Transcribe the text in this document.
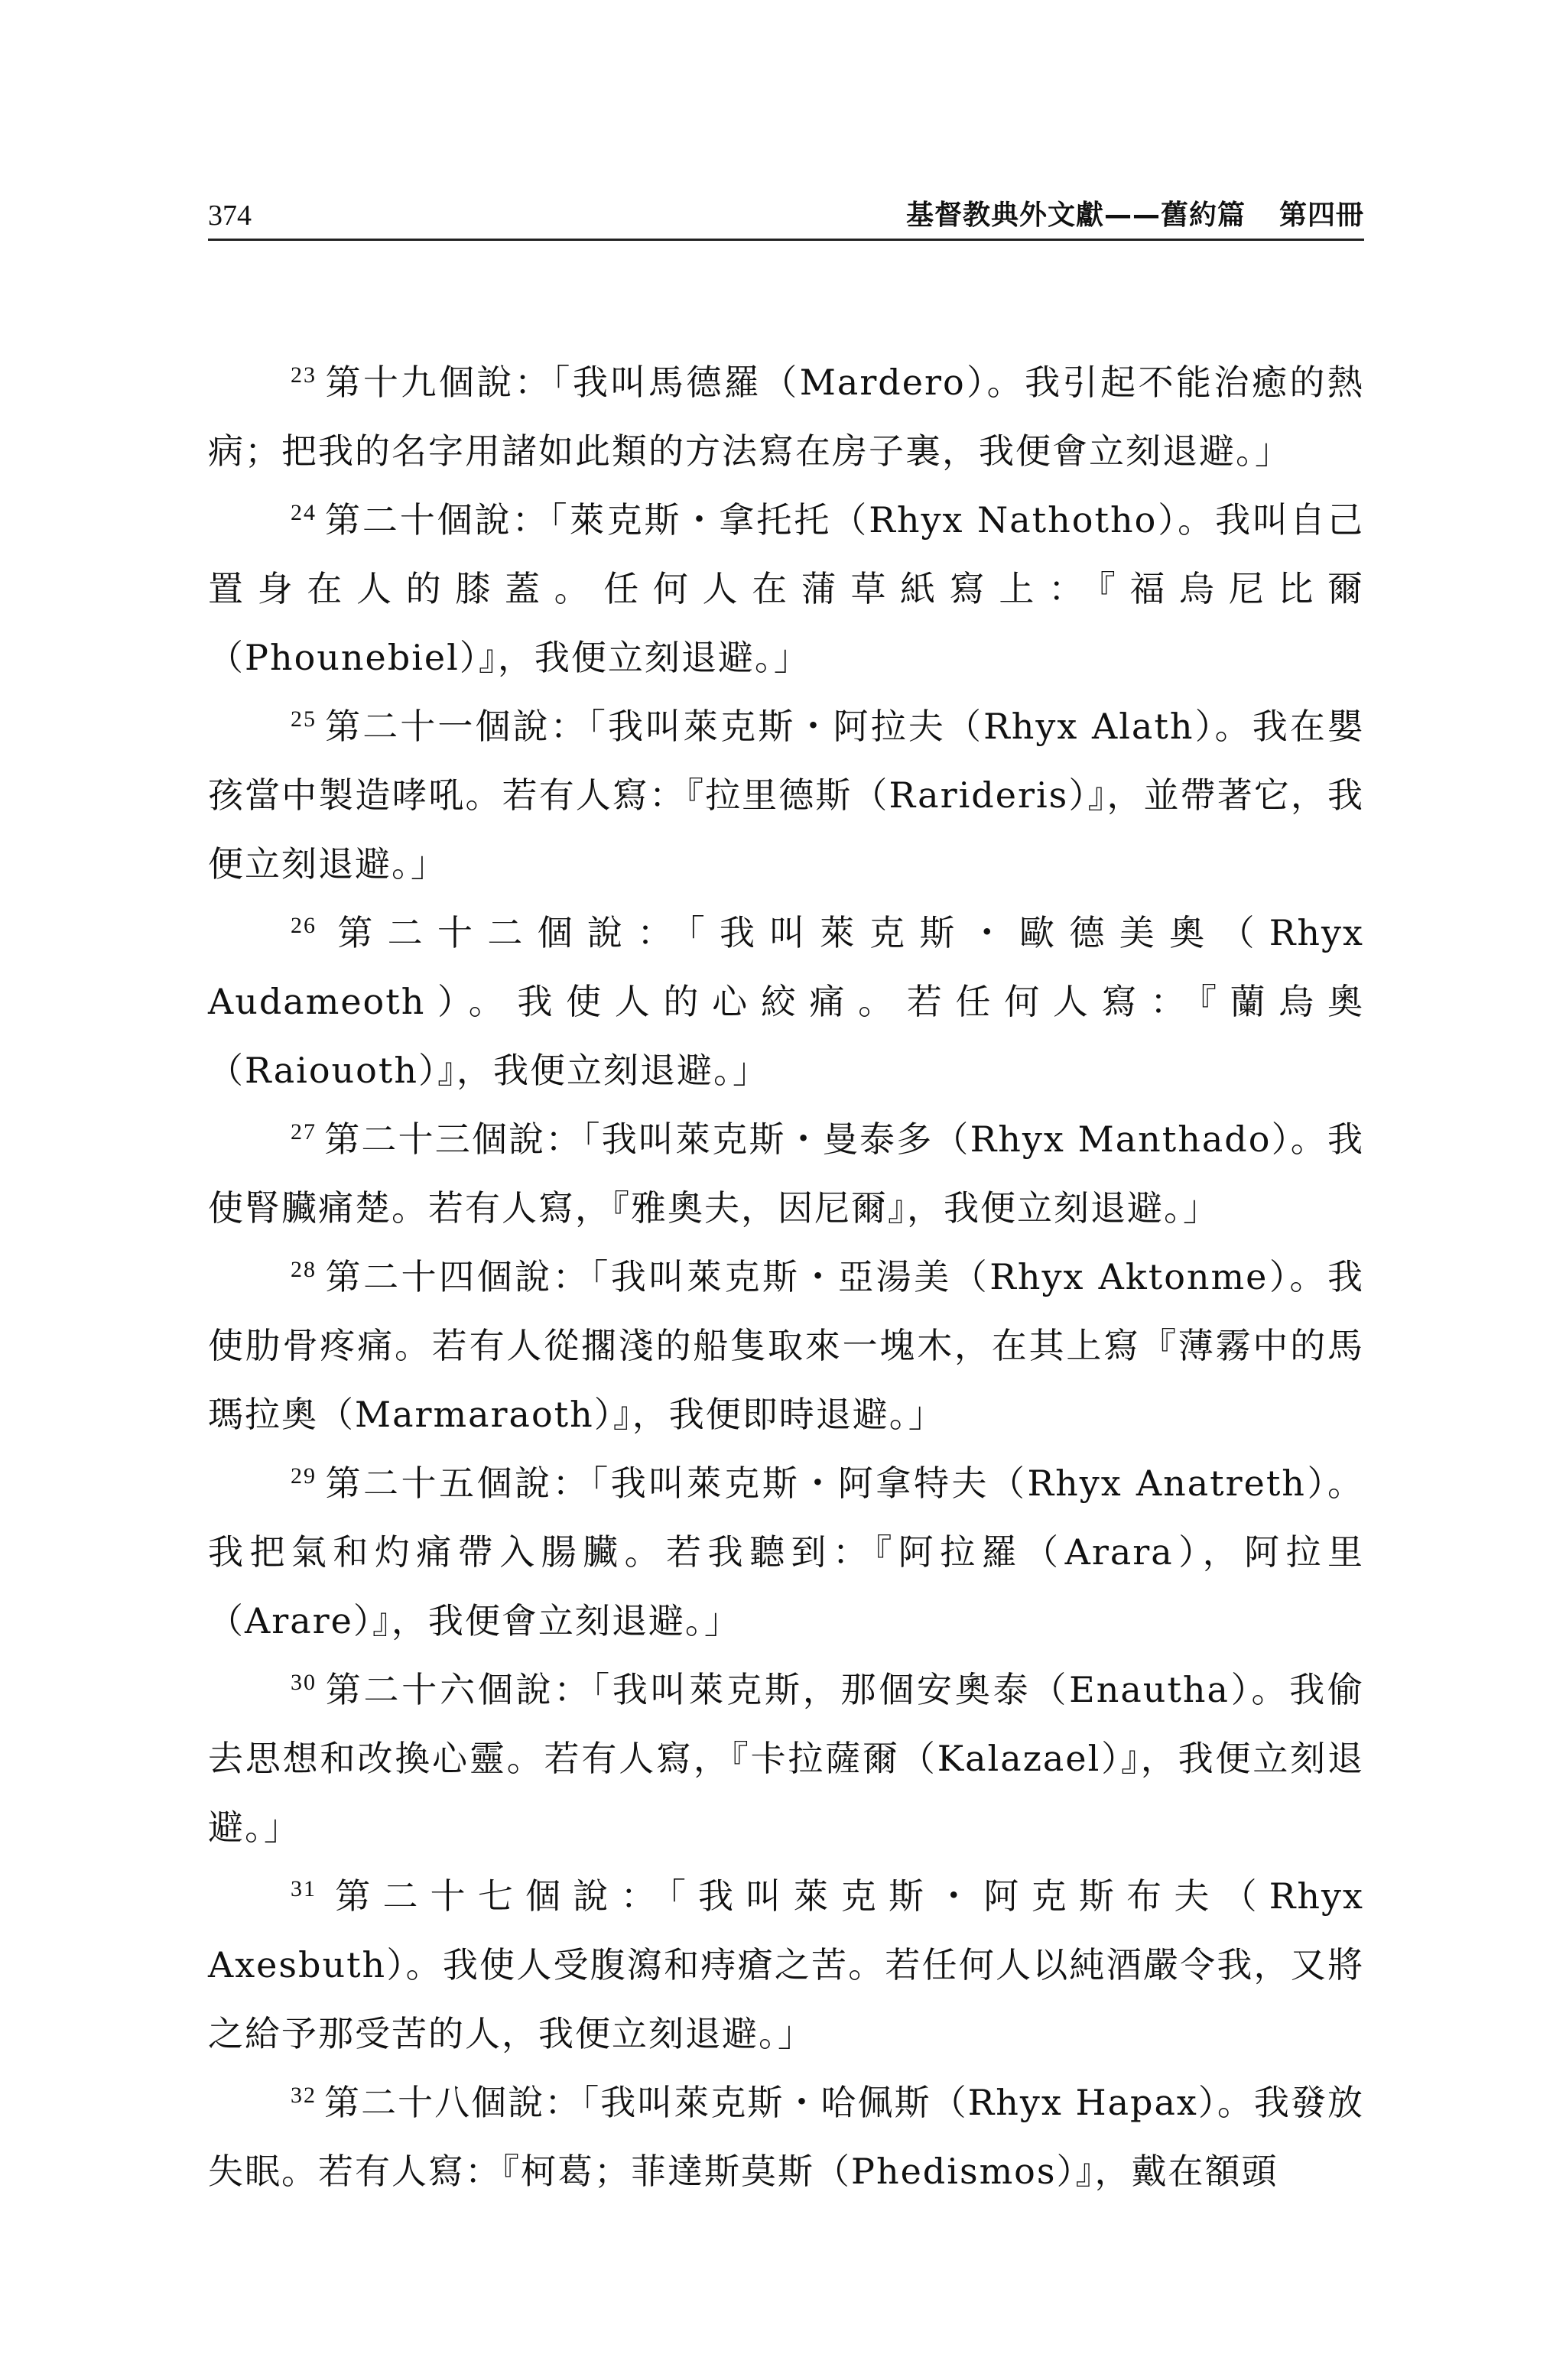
374	基督教典外文獻——舊約篇 第四冊

$^{23}$ 第十九個說：「我叫馬德羅（Mardero）。我引起不能治癒的熱病；把我的名字用諸如此類的方法寫在房子裏，我便會立刻退避。」

$^{24}$ 第二十個說：「萊克斯・拿托托（Rhyx Nathotho）。我叫自己置身在人的膝蓋。任何人在蒲草紙寫上：『福烏尼比爾（Phounebiel）』，我便立刻退避。」

$^{25}$ 第二十一個說：「我叫萊克斯・阿拉夫（Rhyx Alath）。我在嬰孩當中製造哮吼。若有人寫：『拉里德斯（Rarideris）』，並帶著它，我便立刻退避。」

$^{26}$ 第二十二個說：「我叫萊克斯・歐德美奧（Rhyx Audameoth）。我使人的心絞痛。若任何人寫：『蘭烏奧（Raiouoth）』，我便立刻退避。」

$^{27}$ 第二十三個說：「我叫萊克斯・曼泰多（Rhyx Manthado）。我使腎臟痛楚。若有人寫，『雅奧夫，因尼爾』，我便立刻退避。」

$^{28}$ 第二十四個說：「我叫萊克斯・亞湯美（Rhyx Aktonme）。我使肋骨疼痛。若有人從擱淺的船隻取來一塊木，在其上寫『薄霧中的馬瑪拉奧（Marmaraoth）』，我便即時退避。」

$^{29}$ 第二十五個說：「我叫萊克斯・阿拿特夫（Rhyx Anatreth）。我把氣和灼痛帶入腸臟。若我聽到：『阿拉羅（Arara），阿拉里（Arare）』，我便會立刻退避。」

$^{30}$ 第二十六個說：「我叫萊克斯，那個安奧泰（Enautha）。我偷去思想和改換心靈。若有人寫，『卡拉薩爾（Kalazael）』，我便立刻退避。」

$^{31}$ 第二十七個說：「我叫萊克斯・阿克斯布夫（Rhyx Axesbuth）。我使人受腹瀉和痔瘡之苦。若任何人以純酒嚴令我，又將之給予那受苦的人，我便立刻退避。」

$^{32}$ 第二十八個說：「我叫萊克斯・哈佩斯（Rhyx Hapax）。我發放失眠。若有人寫：『柯葛；菲達斯莫斯（Phedismos）』，戴在額頭
